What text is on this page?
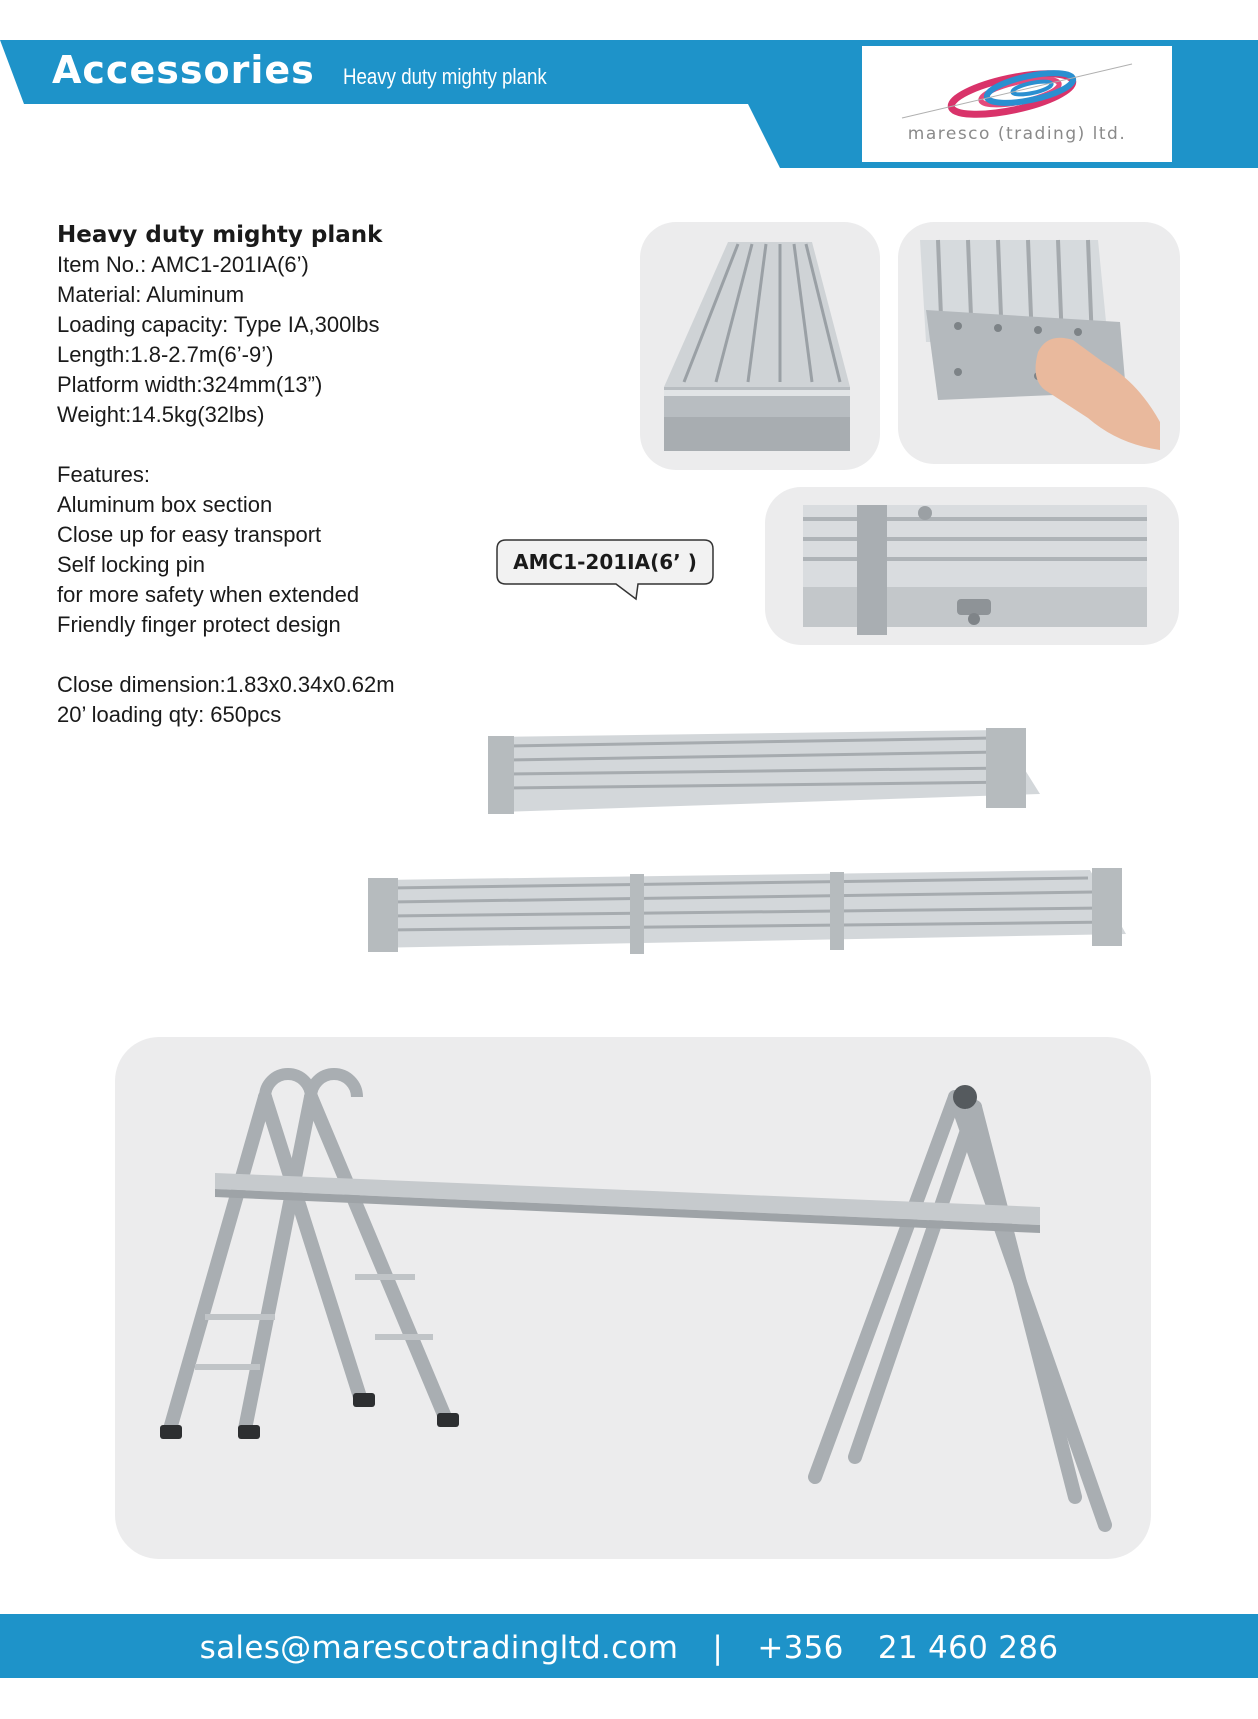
Accessories Heavy duty mighty plank
maresco (trading) ltd.

Heavy duty mighty plank

Item No.: AMC1-201IA(6’)

Material: Aluminum

Loading capacity: Type IA,300lbs

Length:1.8-2.7m(6’-9’)

Platform width:324mm(13”)

Weight:14.5kg(32lbs)

Features:

Aluminum box section

Close up for easy transport

Self locking pin

for more safety when extended

Friendly finger protect design

Close dimension:1.83x0.34x0.62m

20’ loading qty: 650pcs

AMC1-201IA(6’ )
sales@marescotradingltd.com | +356 21 460 286
